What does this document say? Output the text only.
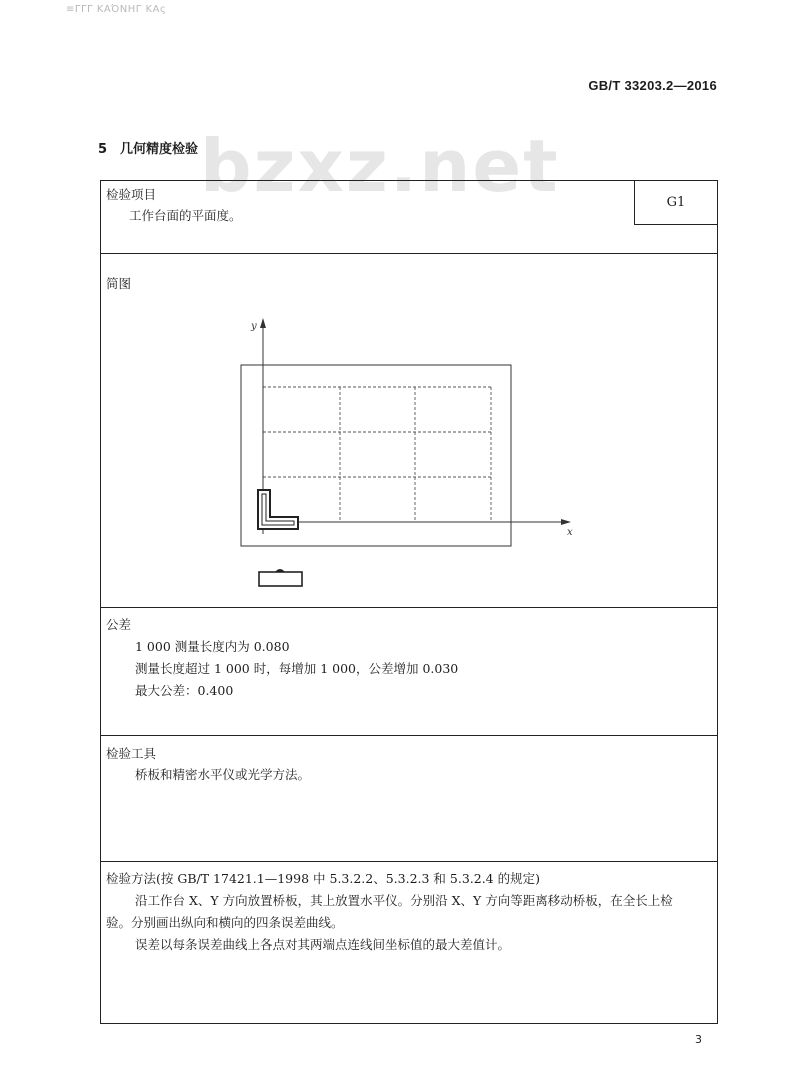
≡ΓΓΓ ΚΑΌΝΗΓ ΚΑς
GB/T 33203.2—2016
bzxz.net
5 几何精度检验
检验项目
工作台面的平面度。
G1
简图
y
x
公差
1 000 测量长度内为 0.080
测量长度超过 1 000 时，每增加 1 000，公差增加 0.030
最大公差：0.400
检验工具
桥板和精密水平仪或光学方法。
检验方法(按 GB/T 17421.1—1998 中 5.3.2.2、5.3.2.3 和 5.3.2.4 的规定)
沿工作台 X、Y 方向放置桥板，其上放置水平仪。分别沿 X、Y 方向等距离移动桥板，在全长上检
验。分别画出纵向和横向的四条误差曲线。
误差以每条误差曲线上各点对其两端点连线间坐标值的最大差值计。
3
